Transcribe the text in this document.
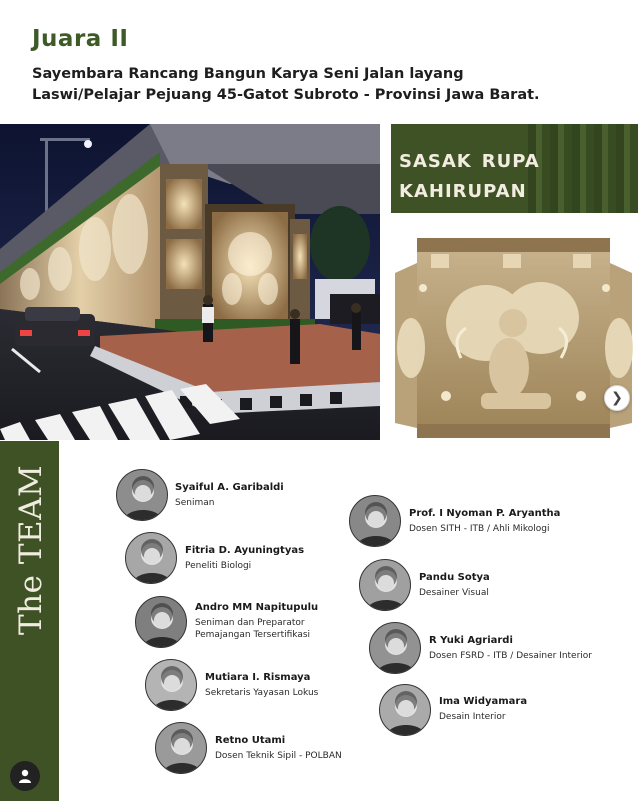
Juara II
Sayembara Rancang Bangun Karya Seni Jalan layang
Laswi/Pelajar Pejuang 45-Gatot Subroto - Provinsi Jawa Barat.
sasak rupa
kahirupan
❯
The TEAM	Syaiful A. Garibaldi
Seniman
Fitria D. Ayuningtyas
Peneliti Biologi
Andro MM Napitupulu
Seniman dan Preparator
Pemajangan Tersertifikasi
Mutiara I. Rismaya
Sekretaris Yayasan Lokus
Retno Utami
Dosen Teknik Sipil - POLBAN
Prof. I Nyoman P. Aryantha
Dosen SITH - ITB / Ahli Mikologi
Pandu Sotya
Desainer Visual
R Yuki Agriardi
Dosen FSRD - ITB / Desainer Interior
Ima Widyamara
Desain Interior
